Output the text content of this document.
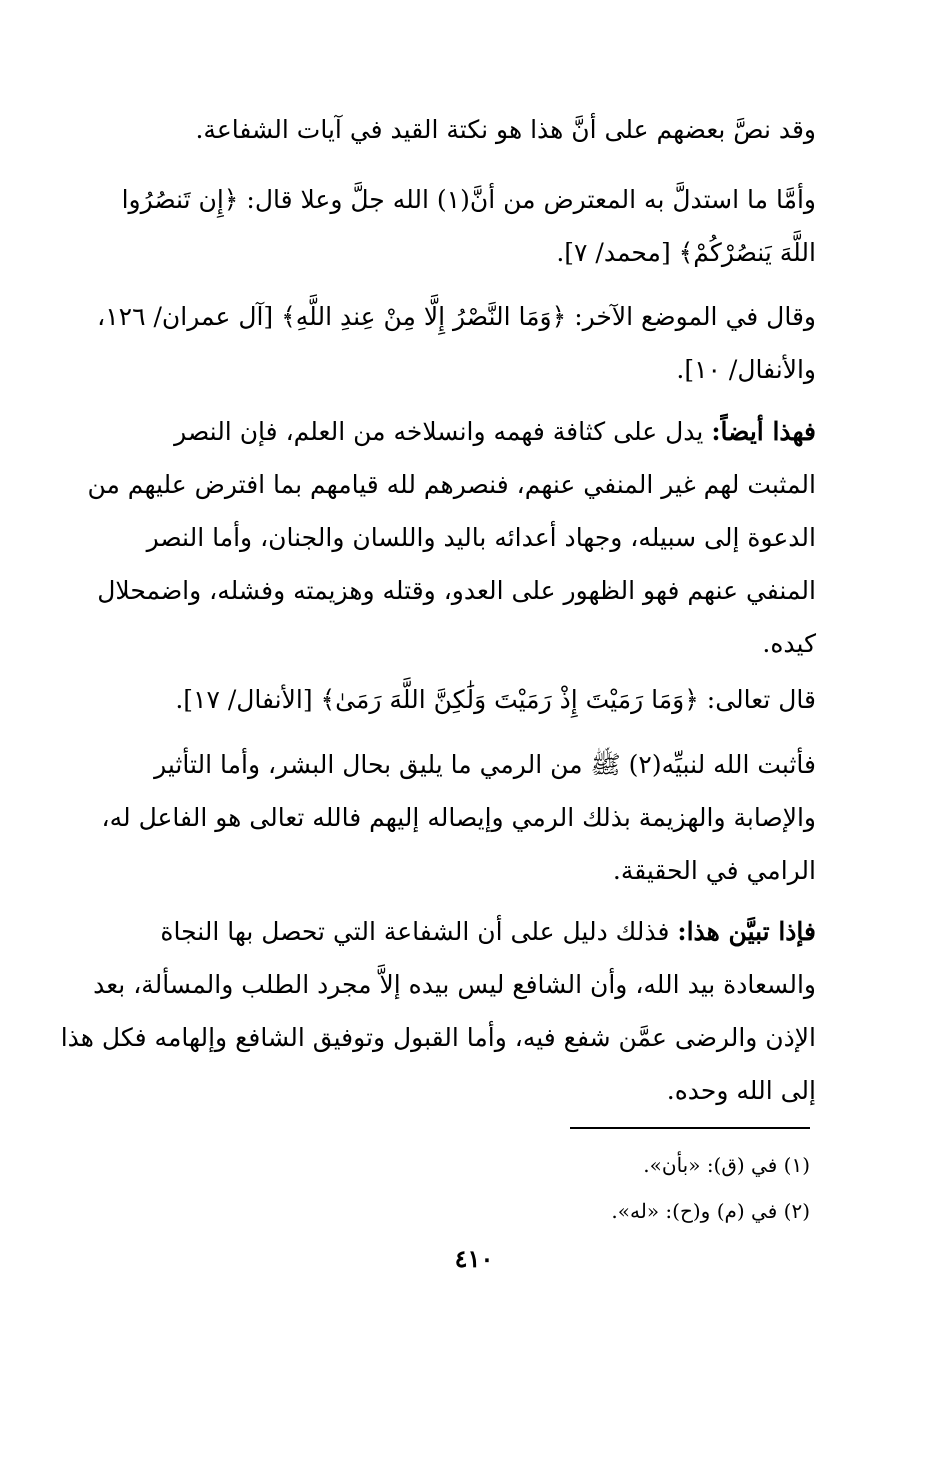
وقد نصَّ بعضهم على أنَّ هذا هو نكتة القيد في آيات الشفاعة.
وأمَّا ما استدلَّ به المعترض من أنَّ(١) الله جلَّ وعلا قال: ﴿إِن تَنصُرُوا
اللَّهَ يَنصُرْكُمْ﴾ [محمد/ ٧].
وقال في الموضع الآخر: ﴿وَمَا النَّصْرُ إِلَّا مِنْ عِندِ اللَّهِ﴾ [آل عمران/ ١٢٦،
والأنفال/ ١٠].
فهذا أيضاً: يدل على كثافة فهمه وانسلاخه من العلم، فإن النصر
المثبت لهم غير المنفي عنهم، فنصرهم لله قيامهم بما افترض عليهم من
الدعوة إلى سبيله، وجهاد أعدائه باليد واللسان والجنان، وأما النصر
المنفي عنهم فهو الظهور على العدو، وقتله وهزيمته وفشله، واضمحلال
كيده.
قال تعالى: ﴿وَمَا رَمَيْتَ إِذْ رَمَيْتَ وَلَٰكِنَّ اللَّهَ رَمَىٰ﴾ [الأنفال/ ١٧].
فأثبت الله لنبيِّه(٢) ﷺ من الرمي ما يليق بحال البشر، وأما التأثير
والإصابة والهزيمة بذلك الرمي وإيصاله إليهم فالله تعالى هو الفاعل له،
الرامي في الحقيقة.
فإذا تبيَّن هذا: فذلك دليل على أن الشفاعة التي تحصل بها النجاة
والسعادة بيد الله، وأن الشافع ليس بيده إلاَّ مجرد الطلب والمسألة، بعد
الإذن والرضى عمَّن شفع فيه، وأما القبول وتوفيق الشافع وإلهامه فكل هذا
إلى الله وحده.
(١) في (ق): «بأن».
(٢) في (م) و(ح): «له».
٤١٠
